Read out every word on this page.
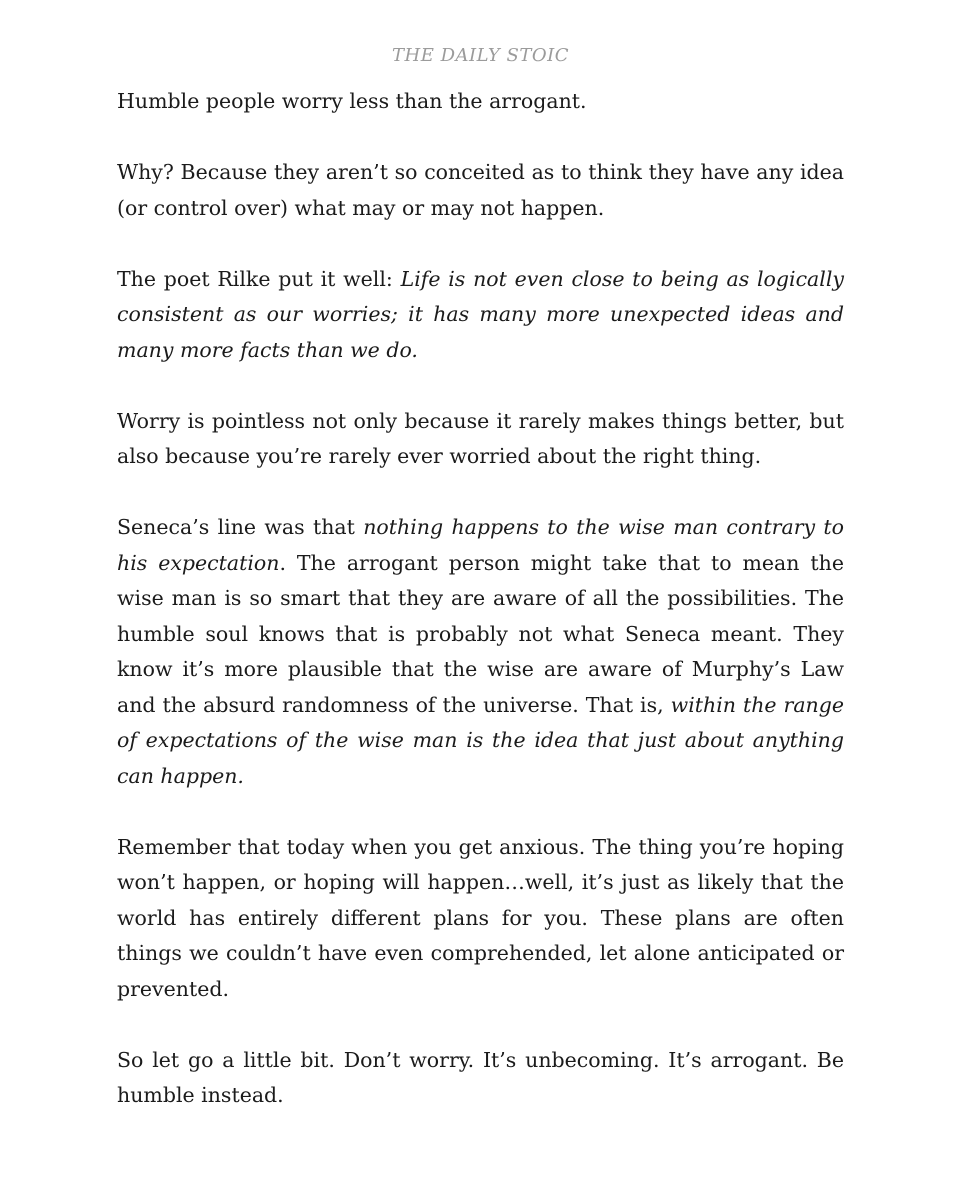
THE DAILY STOIC

Humble people worry less than the arrogant.

Why? Because they aren’t so conceited as to think they have any idea (or control over) what may or may not happen.

The poet Rilke put it well: Life is not even close to being as logically consistent as our worries; it has many more unexpected ideas and many more facts than we do.

Worry is pointless not only because it rarely makes things better, but also because you’re rarely ever worried about the right thing.

Seneca’s line was that nothing happens to the wise man contrary to his expectation. The arrogant person might take that to mean the wise man is so smart that they are aware of all the possibilities. The humble soul knows that is probably not what Seneca meant. They know it’s more plausible that the wise are aware of Murphy’s Law and the absurd randomness of the universe. That is, within the range of expectations of the wise man is the idea that just about anything can happen.

Remember that today when you get anxious. The thing you’re hoping won’t happen, or hoping will happen…well, it’s just as likely that the world has entirely different plans for you. These plans are often things we couldn’t have even comprehended, let alone anticipated or prevented.

So let go a little bit. Don’t worry. It’s unbecoming. It’s arrogant. Be humble instead.
